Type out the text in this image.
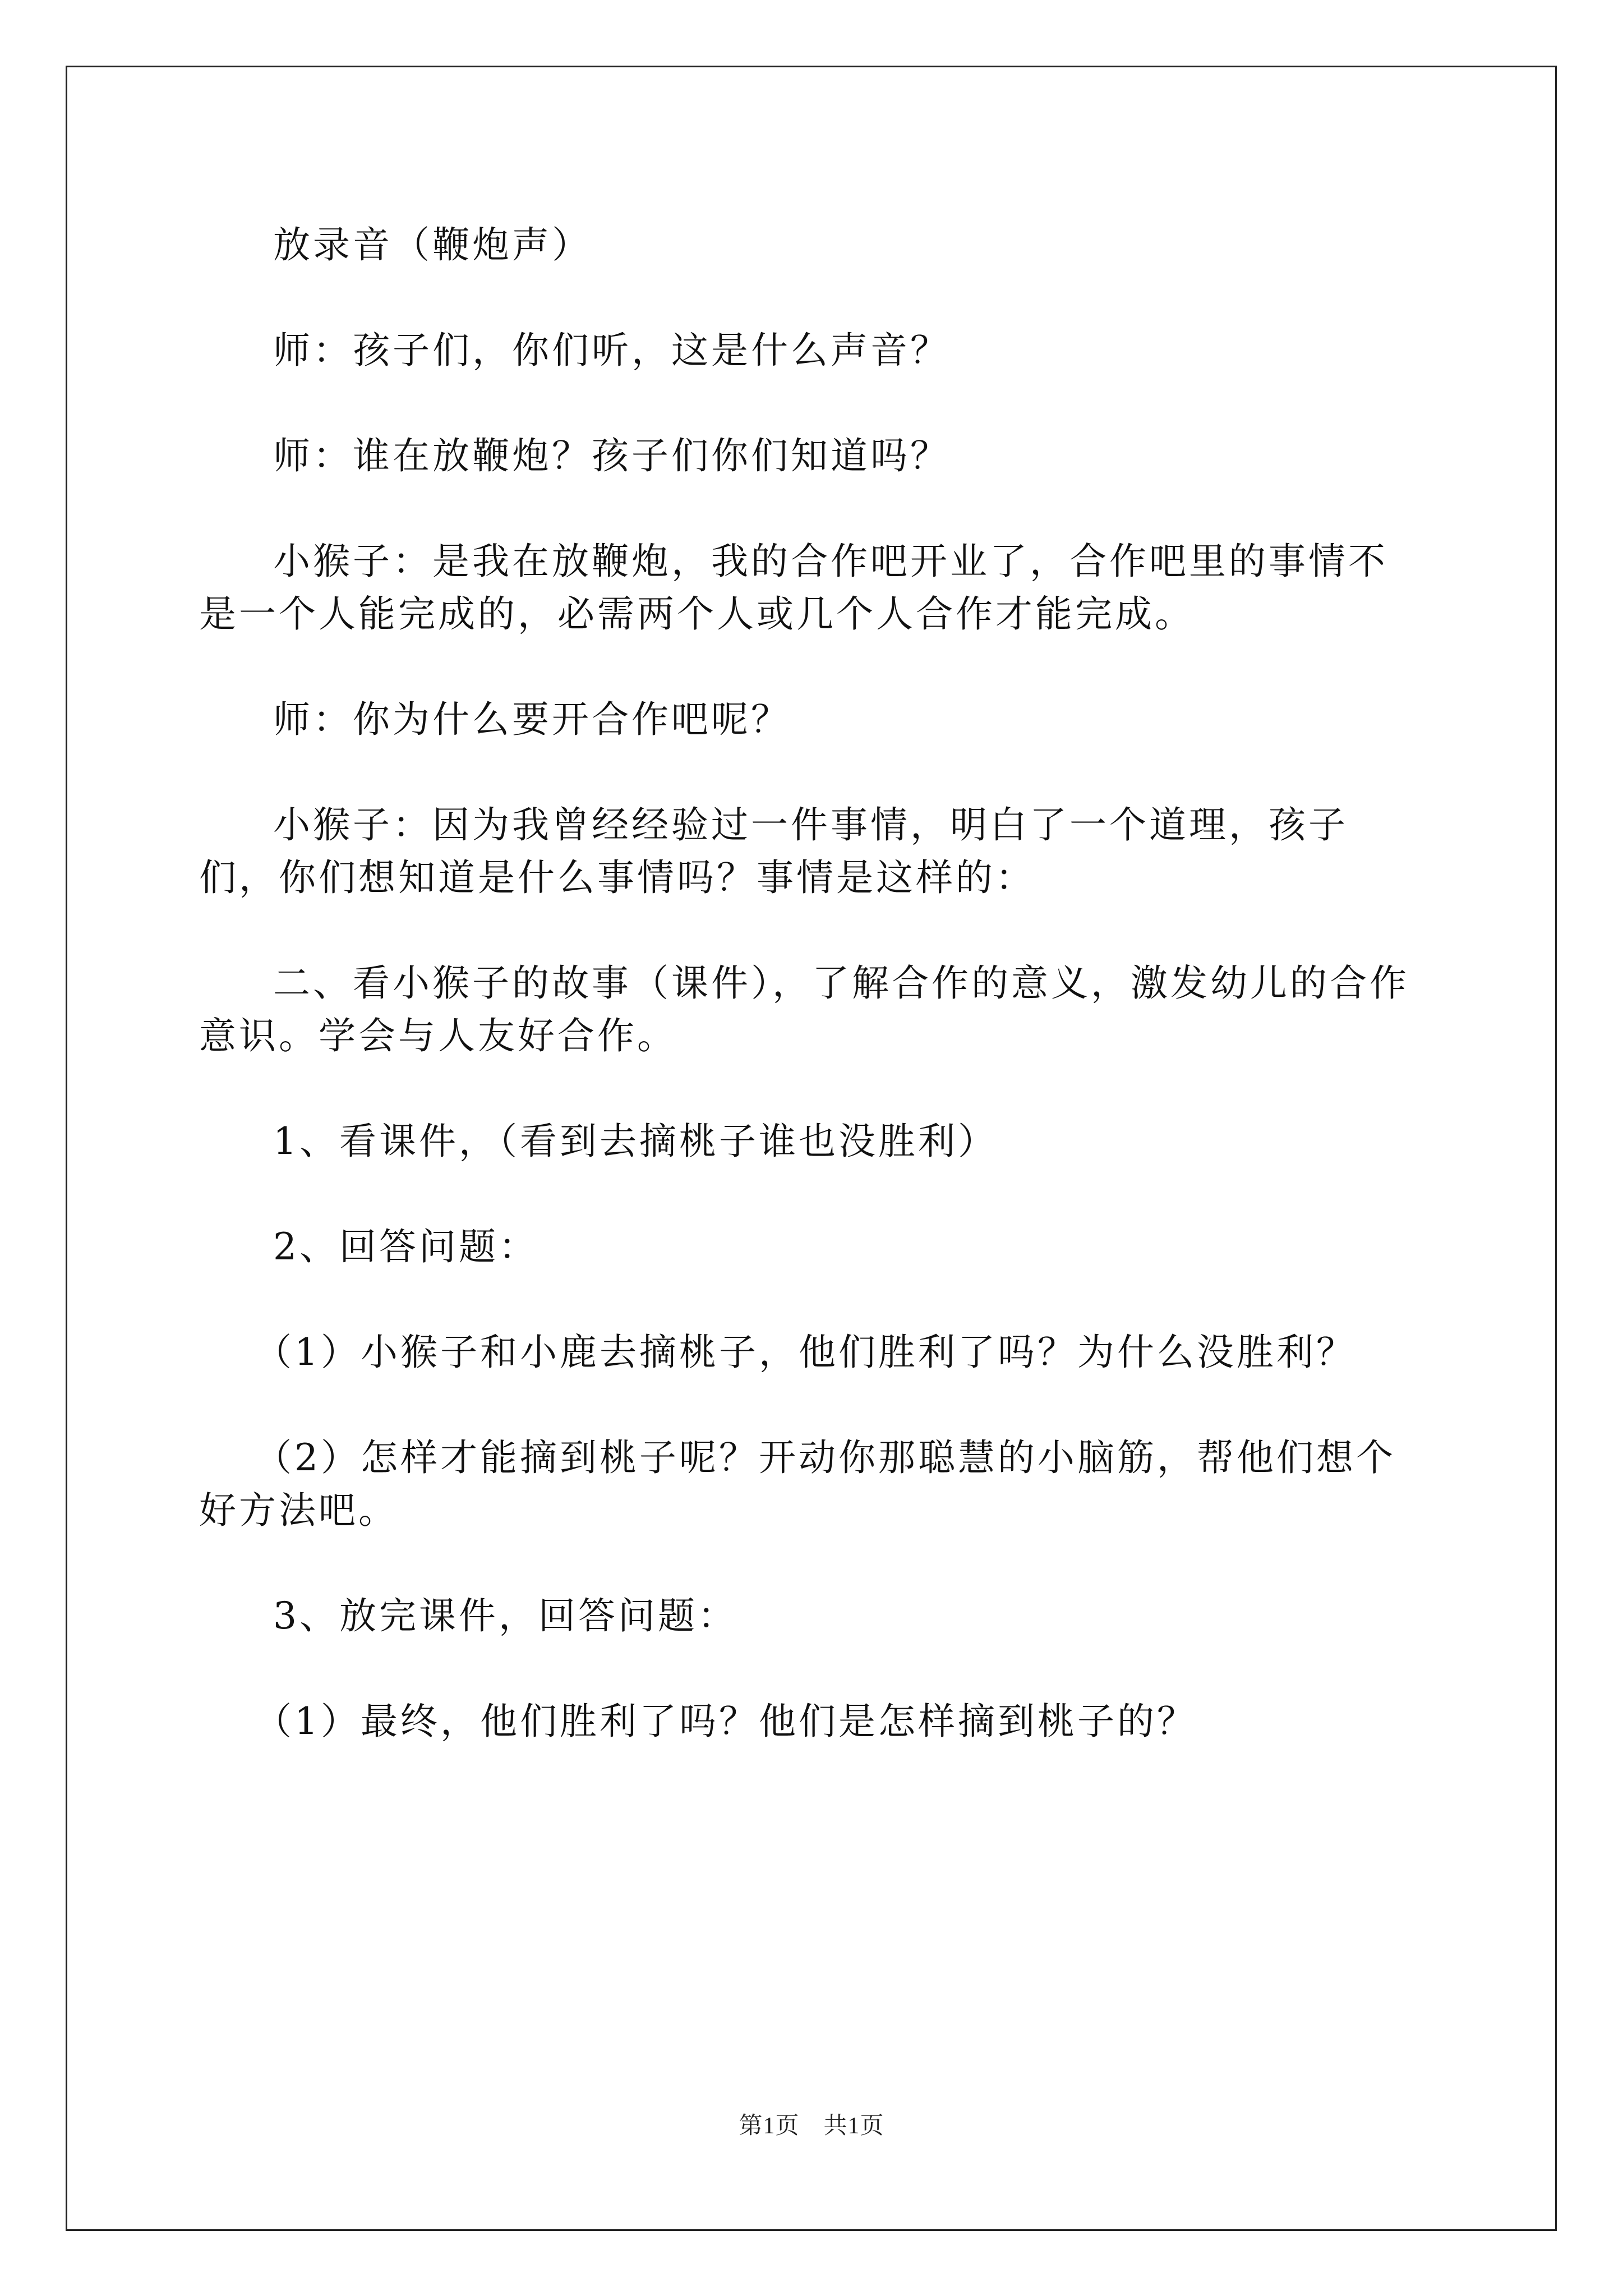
放录音（鞭炮声）

师：孩子们，你们听，这是什么声音？

师：谁在放鞭炮？孩子们你们知道吗？

小猴子：是我在放鞭炮，我的合作吧开业了，合作吧里的事情不是一个人能完成的，必需两个人或几个人合作才能完成。

师：你为什么要开合作吧呢？

小猴子：因为我曾经经验过一件事情，明白了一个道理，孩子们，你们想知道是什么事情吗？事情是这样的：

二、看小猴子的故事（课件），了解合作的意义，激发幼儿的合作意识。学会与人友好合作。

1、看课件，（看到去摘桃子谁也没胜利）

2、回答问题：

（1）小猴子和小鹿去摘桃子，他们胜利了吗？为什么没胜利？

（2）怎样才能摘到桃子呢？开动你那聪慧的小脑筋，帮他们想个好方法吧。

3、放完课件，回答问题：

（1）最终，他们胜利了吗？他们是怎样摘到桃子的？

第1页　共1页
